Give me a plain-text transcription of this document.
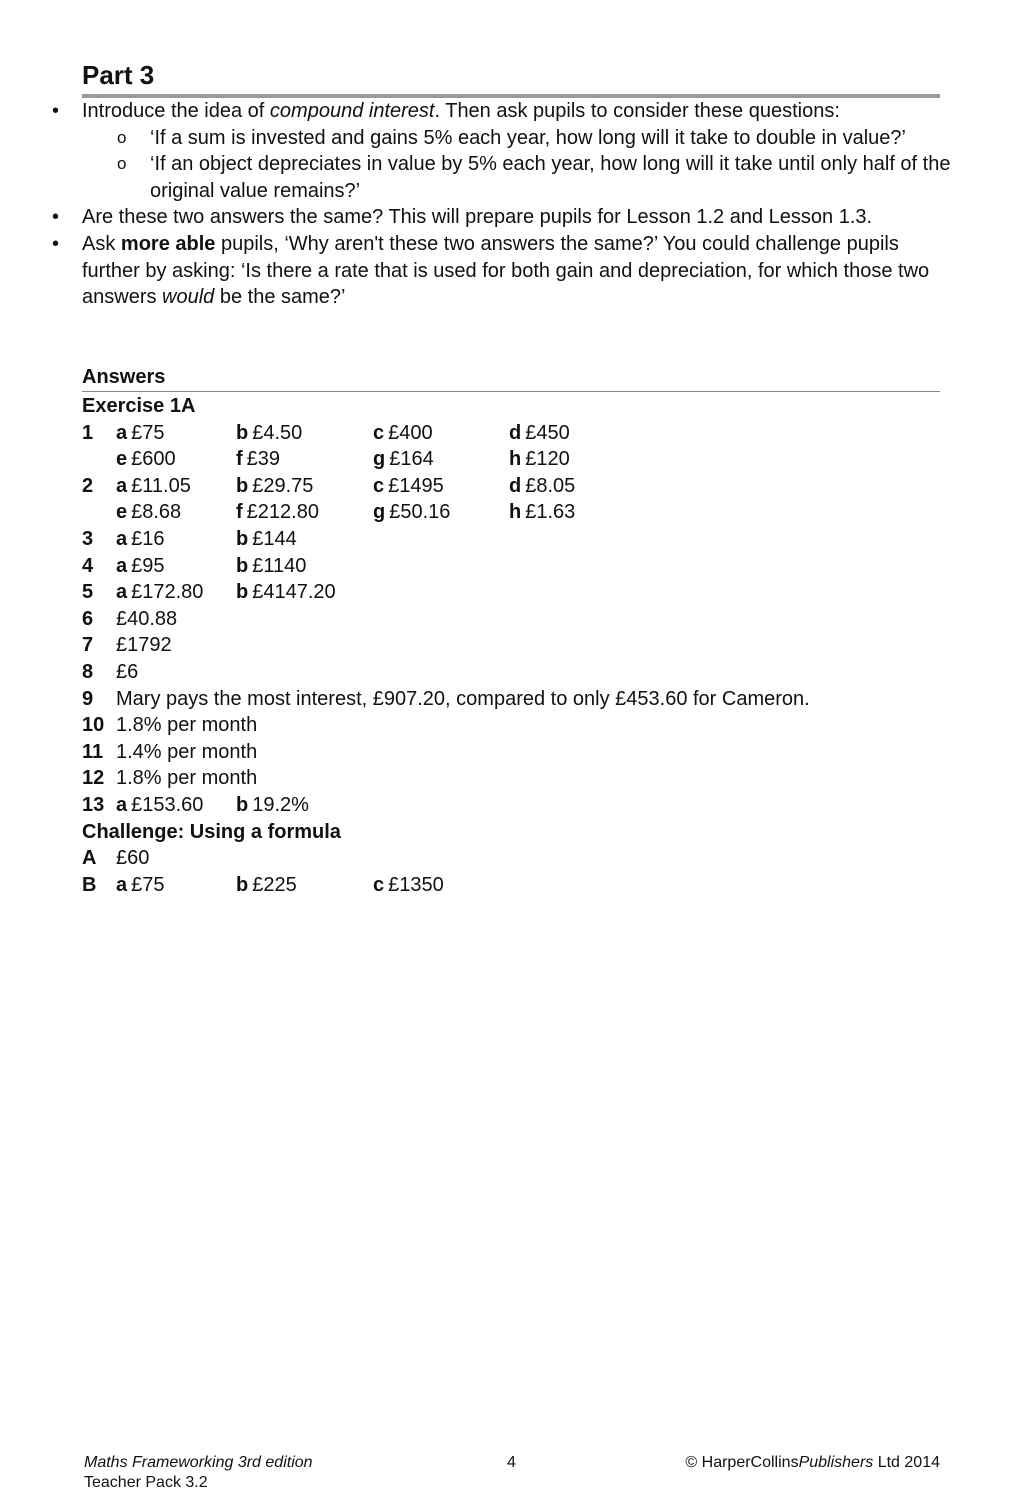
Part 3
• Introduce the idea of compound interest. Then ask pupils to consider these questions:
o ‘If a sum is invested and gains 5% each year, how long will it take to double in value?’
o ‘If an object depreciates in value by 5% each year, how long will it take until only half of the original value remains?’
• Are these two answers the same? This will prepare pupils for Lesson 1.2 and Lesson 1.3.
• Ask more able pupils, ‘Why aren't these two answers the same?’ You could challenge pupils further by asking: ‘Is there a rate that is used for both gain and depreciation, for which those two answers would be the same?’
Answers
Exercise 1A
1 a £75	b £4.50	c £400	d £450
e £600	f £39	g £164	h £120
2 a £11.05 b £29.75	c £1495	d £8.05
e £8.68	f £212.80	g £50.16	h £1.63
3 a £16	b £144
4 a £95	b £1140
5 a £172.80 b £4147.20
6 £40.88
7 £1792
8 £6
9 Mary pays the most interest, £907.20, compared to only £453.60 for Cameron.
10 1.8% per month
11 1.4% per month
12 1.8% per month
13 a £153.60 b 19.2%
Challenge: Using a formula
A £60
B a £75	b £225	c £1350
Maths Frameworking 3rd edition
Teacher Pack 3.2
4	© HarperCollinsPublishers Ltd 2014
